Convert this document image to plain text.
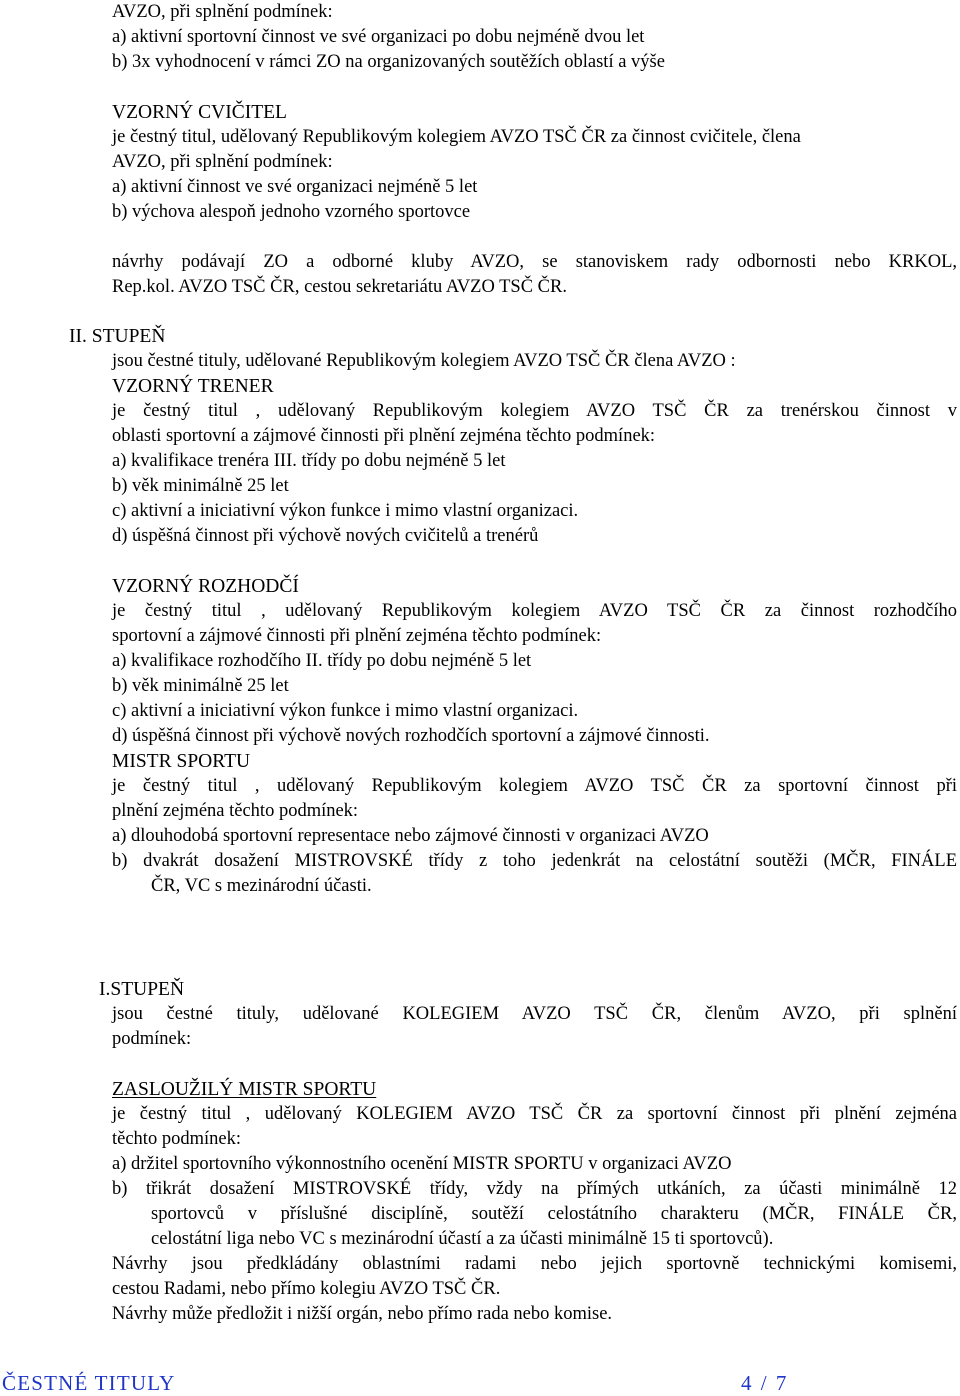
AVZO, při splnění podmínek:
a) aktivní sportovní činnost ve své organizaci po dobu nejméně dvou let
b) 3x vyhodnocení v rámci ZO na organizovaných soutěžích oblastí a výše
VZORNÝ CVIČITEL
je čestný titul, udělovaný Republikovým kolegiem AVZO TSČ ČR za činnost cvičitele, člena
AVZO, při splnění podmínek:
a) aktivní činnost ve své organizaci nejméně 5 let
b) výchova alespoň jednoho vzorného sportovce
návrhy podávají ZO a odborné kluby AVZO, se stanoviskem rady odbornosti nebo KRKOL,
Rep.kol. AVZO TSČ ČR, cestou sekretariátu AVZO TSČ ČR.
II. STUPEŇ
jsou čestné tituly, udělované Republikovým kolegiem AVZO TSČ ČR člena AVZO :
VZORNÝ TRENER
je čestný titul , udělovaný Republikovým kolegiem AVZO TSČ ČR za trenérskou činnost v
oblasti sportovní a zájmové činnosti při plnění zejména těchto podmínek:
a) kvalifikace trenéra III. třídy po dobu nejméně 5 let
b) věk minimálně 25 let
c) aktivní a iniciativní výkon funkce i mimo vlastní organizaci.
d) úspěšná činnost při výchově nových cvičitelů a trenérů
VZORNÝ ROZHODČÍ
je čestný titul , udělovaný Republikovým kolegiem AVZO TSČ ČR za činnost rozhodčího
sportovní a zájmové činnosti při plnění zejména těchto podmínek:
a) kvalifikace rozhodčího II. třídy po dobu nejméně 5 let
b) věk minimálně 25 let
c) aktivní a iniciativní výkon funkce i mimo vlastní organizaci.
d) úspěšná činnost při výchově nových rozhodčích sportovní a zájmové činnosti.
MISTR SPORTU
je čestný titul , udělovaný Republikovým kolegiem AVZO TSČ ČR za sportovní činnost při
plnění zejména těchto podmínek:
a) dlouhodobá sportovní representace nebo zájmové činnosti v organizaci AVZO
b) dvakrát dosažení MISTROVSKÉ třídy z toho jedenkrát na celostátní soutěži (MČR, FINÁLE
ČR, VC s mezinárodní účasti.
I.STUPEŇ
jsou čestné tituly, udělované KOLEGIEM AVZO TSČ ČR, členům AVZO, při splnění
podmínek:
ZASLOUŽILÝ MISTR SPORTU
je čestný titul , udělovaný KOLEGIEM AVZO TSČ ČR za sportovní činnost při plnění zejména
těchto podmínek:
a) držitel sportovního výkonnostního ocenění MISTR SPORTU v organizaci AVZO
b) třikrát dosažení MISTROVSKÉ třídy, vždy na přímých utkáních, za účasti minimálně 12
sportovců v příslušné disciplíně, soutěží celostátního charakteru (MČR, FINÁLE ČR,
celostátní liga nebo VC s mezinárodní účastí a za účasti minimálně 15 ti sportovců).
Návrhy jsou předkládány oblastními radami nebo jejich sportovně technickými komisemi,
cestou Radami, nebo přímo kolegiu AVZO TSČ ČR.
Návrhy může předložit i nižší orgán, nebo přímo rada nebo komise.
ČESTNÉ TITULY	4 / 7
